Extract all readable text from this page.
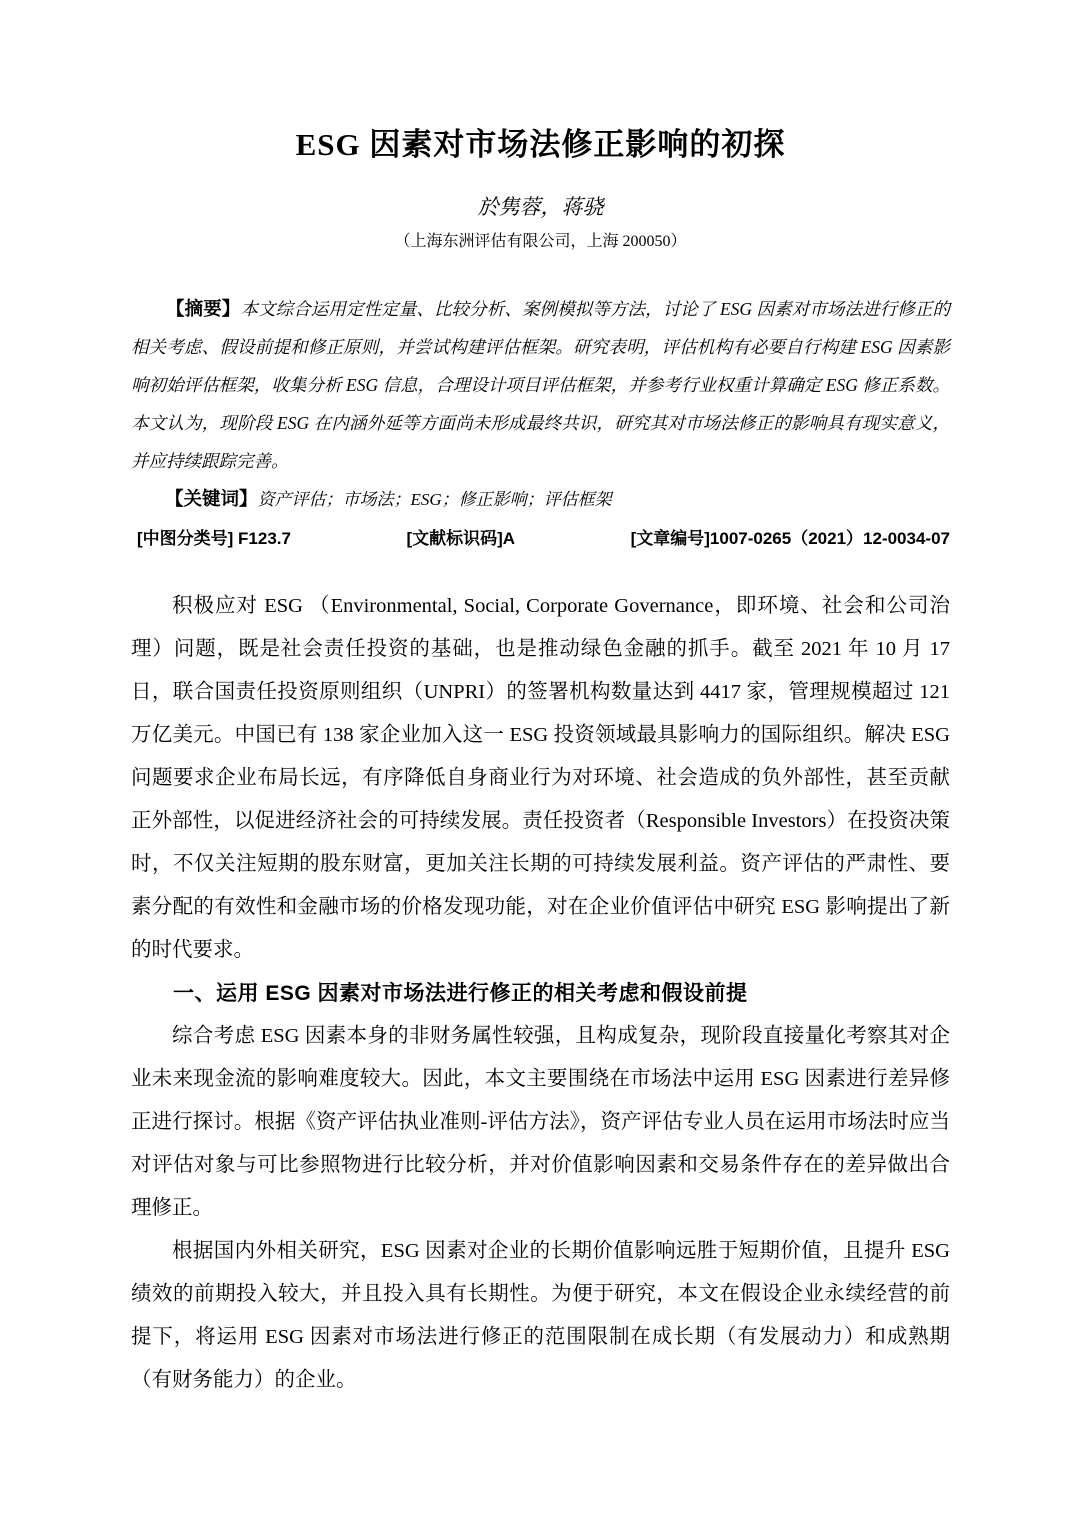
ESG 因素对市场法修正影响的初探
於隽蓉，蒋骁
（上海东洲评估有限公司，上海 200050）

【摘要】本文综合运用定性定量、比较分析、案例模拟等方法，讨论了 ESG 因素对市场法进行修正的相关考虑、假设前提和修正原则，并尝试构建评估框架。研究表明，评估机构有必要自行构建 ESG 因素影响初始评估框架，收集分析 ESG 信息，合理设计项目评估框架，并参考行业权重计算确定 ESG 修正系数。本文认为，现阶段 ESG 在内涵外延等方面尚未形成最终共识，研究其对市场法修正的影响具有现实意义，并应持续跟踪完善。

【关键词】资产评估；市场法；ESG；修正影响；评估框架

[中图分类号] F123.7	[文献标识码]A	[文章编号]1007-0265（2021）12-0034-07

积极应对 ESG （Environmental, Social, Corporate Governance，即环境、社会和公司治理）问题，既是社会责任投资的基础，也是推动绿色金融的抓手。截至 2021 年 10 月 17 日，联合国责任投资原则组织（UNPRI）的签署机构数量达到 4417 家，管理规模超过 121 万亿美元。中国已有 138 家企业加入这一 ESG 投资领域最具影响力的国际组织。解决 ESG 问题要求企业布局长远，有序降低自身商业行为对环境、社会造成的负外部性，甚至贡献正外部性，以促进经济社会的可持续发展。责任投资者（Responsible Investors）在投资决策时，不仅关注短期的股东财富，更加关注长期的可持续发展利益。资产评估的严肃性、要素分配的有效性和金融市场的价格发现功能，对在企业价值评估中研究 ESG 影响提出了新的时代要求。

一、运用 ESG 因素对市场法进行修正的相关考虑和假设前提

综合考虑 ESG 因素本身的非财务属性较强，且构成复杂，现阶段直接量化考察其对企业未来现金流的影响难度较大。因此，本文主要围绕在市场法中运用 ESG 因素进行差异修正进行探讨。根据《资产评估执业准则-评估方法》，资产评估专业人员在运用市场法时应当对评估对象与可比参照物进行比较分析，并对价值影响因素和交易条件存在的差异做出合理修正。

根据国内外相关研究，ESG 因素对企业的长期价值影响远胜于短期价值，且提升 ESG 绩效的前期投入较大，并且投入具有长期性。为便于研究，本文在假设企业永续经营的前提下，将运用 ESG 因素对市场法进行修正的范围限制在成长期（有发展动力）和成熟期（有财务能力）的企业。
